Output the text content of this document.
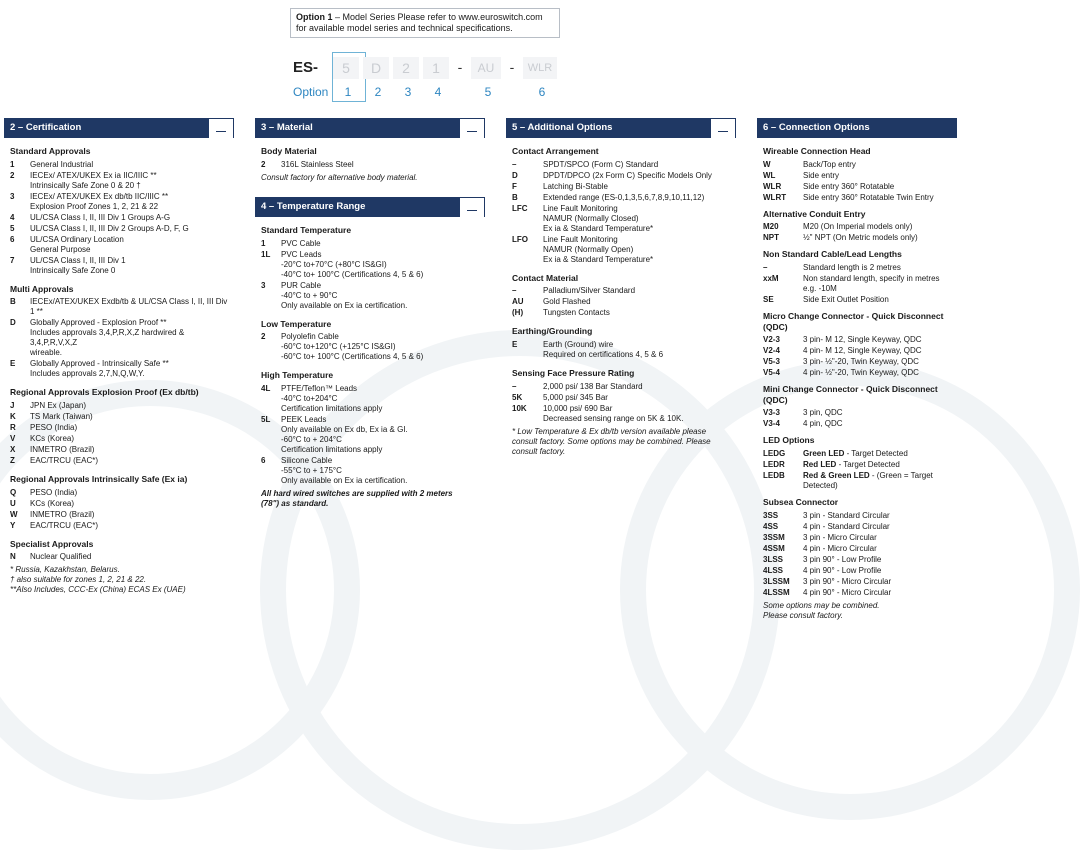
Option 1 – Model Series Please refer to www.euroswitch.com for available model series and technical specifications.
ES-	5	D	2	1	-	AU	-	WLR
Option	1	2	3	4	5	6
2 – Certification
Standard Approvals
1	General Industrial
2	IECEx/ ATEX/UKEX Ex ia IIC/IIIC **
Intrinsically Safe Zone 0 & 20 †
3	IECEx/ ATEX/UKEX Ex db/tb IIC/IIIC **
Explosion Proof Zones 1, 2, 21 & 22
4	UL/CSA Class I, II, III Div 1 Groups A-G
5	UL/CSA Class I, II, III Div 2 Groups A-D, F, G
6	UL/CSA Ordinary Location
General Purpose
7	UL/CSA Class I, II, III Div 1
Intrinsically Safe Zone 0
Multi Approvals
B	IECEx/ATEX/UKEX Exdb/tb & UL/CSA Class I, II, III Div 1 **
D	Globally Approved - Explosion Proof **
Includes approvals 3,4,P,R,X,Z hardwired & 3,4,P,R,V,X,Z
wireable.
E	Globally Approved - Intrinsically Safe **
Includes approvals 2,7,N,Q,W,Y.
Regional Approvals Explosion Proof (Ex db/tb)
J	JPN Ex (Japan)
K	TS Mark (Taiwan)
R	PESO (India)
V	KCs (Korea)
X	INMETRO (Brazil)
Z	EAC/TRCU (EAC*)
Regional Approvals Intrinsically Safe (Ex ia)
Q	PESO (India)
U	KCs (Korea)
W	INMETRO (Brazil)
Y	EAC/TRCU (EAC*)
Specialist Approvals
N	Nuclear Qualified
* Russia, Kazakhstan, Belarus.
† also suitable for zones 1, 2, 21 & 22.
**Also Includes, CCC-Ex (China) ECAS Ex (UAE)
3 – Material
Body Material
2	316L Stainless Steel
Consult factory for alternative body material.
4 – Temperature Range
Standard Temperature
1	PVC Cable
1L	PVC Leads
-20°C to+70°C (+80°C IS&GI)
-40°C to+ 100°C (Certifications 4, 5 & 6)
3	PUR Cable
-40°C to + 90°C
Only available on Ex ia certification.
Low Temperature
2	Polyolefin Cable
-60°C to+120°C (+125°C IS&GI)
-60°C to+ 100°C (Certifications 4, 5 & 6)
High Temperature
4L	PTFE/Teflon™ Leads
-40°C to+204°C
Certification limitations apply
5L	PEEK Leads
Only available on Ex db, Ex ia & GI.
-60°C to + 204°C
Certification limitations apply
6	Silicone Cable
-55°C to + 175°C
Only available on Ex ia certification.
All hard wired switches are supplied with 2 meters
(78") as standard.
5 – Additional Options
Contact Arrangement
–	SPDT/SPCO (Form C) Standard
D	DPDT/DPCO (2x Form C) Specific Models Only
F	Latching Bi-Stable
B	Extended range (ES-0,1,3,5,6,7,8,9,10,11,12)
LFC	Line Fault Monitoring
NAMUR (Normally Closed)
Ex ia & Standard Temperature*
LFO	Line Fault Monitoring
NAMUR (Normally Open)
Ex ia & Standard Temperature*
Contact Material
–	Palladium/Silver Standard
AU	Gold Flashed
(H)	Tungsten Contacts
Earthing/Grounding
E	Earth (Ground) wire
Required on certifications 4, 5 & 6
Sensing Face Pressure Rating
–	2,000 psi/ 138 Bar Standard
5K	5,000 psi/ 345 Bar
10K	10,000 psi/ 690 Bar
Decreased sensing range on 5K & 10K.
* Low Temperature & Ex db/tb version available please
consult factory. Some options may be combined. Please
consult factory.
6 – Connection Options
Wireable Connection Head
W	Back/Top entry
WL	Side entry
WLR	Side entry 360° Rotatable
WLRT	Side entry 360° Rotatable Twin Entry
Alternative Conduit Entry
M20	M20 (On Imperial models only)
NPT	½" NPT (On Metric models only)
Non Standard Cable/Lead Lengths
–	Standard length is 2 metres
xxM	Non standard length, specify in metres e.g. -10M
SE	Side Exit Outlet Position
Micro Change Connector - Quick Disconnect (QDC)
V2-3	3 pin- M 12, Single Keyway, QDC
V2-4	4 pin- M 12, Single Keyway, QDC
V5-3	3 pin- ½"-20, Twin Keyway, QDC
V5-4	4 pin- ½"-20, Twin Keyway, QDC
Mini Change Connector - Quick Disconnect (QDC)
V3-3	3 pin, QDC
V3-4	4 pin, QDC
LED Options
LEDG	Green LED - Target Detected
LEDR	Red LED - Target Detected
LEDB	Red & Green LED - (Green = Target Detected)
Subsea Connector
3SS	3 pin - Standard Circular
4SS	4 pin - Standard Circular
3SSM	3 pin - Micro Circular
4SSM	4 pin - Micro Circular
3LSS	3 pin 90° - Low Profile
4LSS	4 pin 90° - Low Profile
3LSSM	3 pin 90° - Micro Circular
4LSSM	4 pin 90° - Micro Circular
Some options may be combined.
Please consult factory.
